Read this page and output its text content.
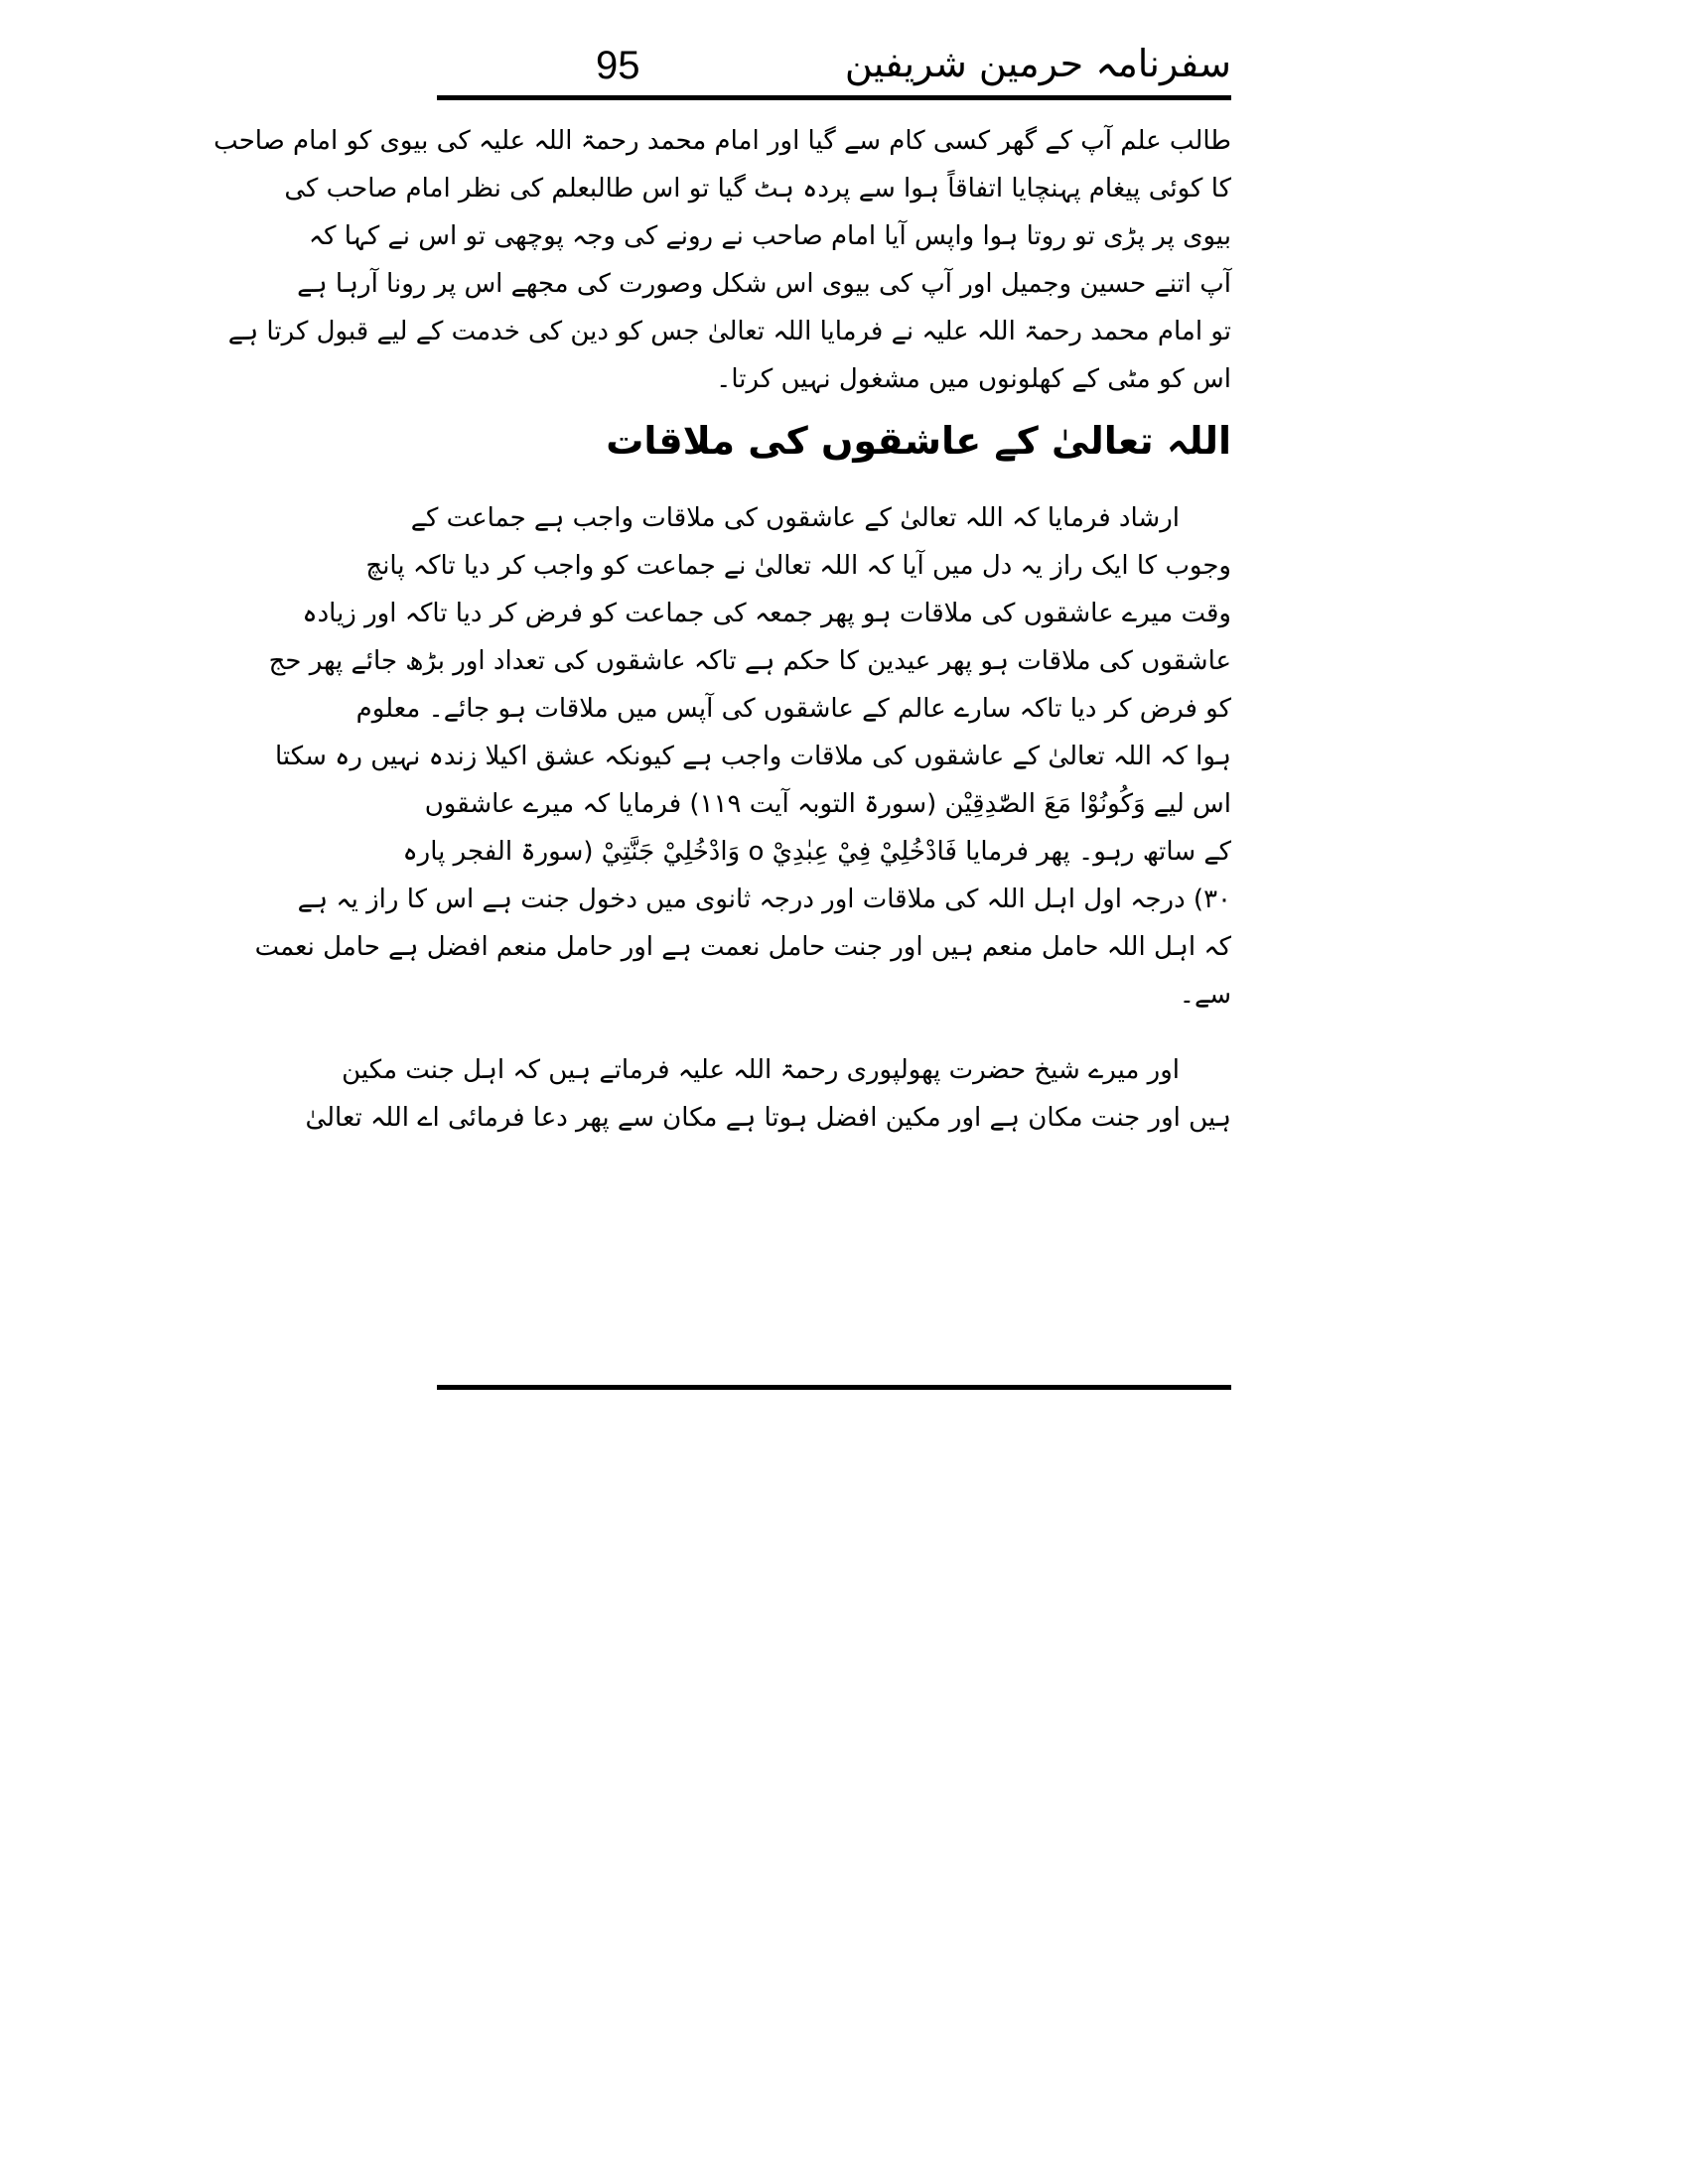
95	سفرنامہ حرمین شریفین
طالب علم آپ کے گھر کسی کام سے گیا اور امام محمد رحمۃ اللہ علیہ کی بیوی کو امام صاحب
کا کوئی پیغام پہنچایا اتفاقاً ہوا سے پردہ ہٹ گیا تو اس طالبعلم کی نظر امام صاحب کی
بیوی پر پڑی تو روتا ہوا واپس آیا امام صاحب نے رونے کی وجہ پوچھی تو اس نے کہا کہ
آپ اتنے حسین وجمیل اور آپ کی بیوی اس شکل وصورت کی مجھے اس پر رونا آرہا ہے
تو امام محمد رحمۃ اللہ علیہ نے فرمایا اللہ تعالیٰ جس کو دین کی خدمت کے لیے قبول کرتا ہے
اس کو مٹی کے کھلونوں میں مشغول نہیں کرتا۔
اللہ تعالیٰ کے عاشقوں کی ملاقات
ارشاد فرمایا کہ اللہ تعالیٰ کے عاشقوں کی ملاقات واجب ہے جماعت کے
وجوب کا ایک راز یہ دل میں آیا کہ اللہ تعالیٰ نے جماعت کو واجب کر دیا تاکہ پانچ
وقت میرے عاشقوں کی ملاقات ہو پھر جمعہ کی جماعت کو فرض کر دیا تاکہ اور زیادہ
عاشقوں کی ملاقات ہو پھر عیدین کا حکم ہے تاکہ عاشقوں کی تعداد اور بڑھ جائے پھر حج
کو فرض کر دیا تاکہ سارے عالم کے عاشقوں کی آپس میں ملاقات ہو جائے۔ معلوم
ہوا کہ اللہ تعالیٰ کے عاشقوں کی ملاقات واجب ہے کیونکہ عشق اکیلا زندہ نہیں رہ سکتا
اس لیے وَكُونُوْا مَعَ الصّٰدِقِيْن (سورۃ التوبہ آیت ۱۱۹) فرمایا کہ میرے عاشقوں
کے ساتھ رہو۔ پھر فرمایا فَادْخُلِيْ فِيْ عِبٰدِيْ o وَادْخُلِيْ جَنَّتِيْ (سورۃ الفجر پارہ
۳۰) درجہ اول اہل اللہ کی ملاقات اور درجہ ثانوی میں دخول جنت ہے اس کا راز یہ ہے
کہ اہل اللہ حامل منعم ہیں اور جنت حامل نعمت ہے اور حامل منعم افضل ہے حامل نعمت
سے۔
اور میرے شیخ حضرت پھولپوری رحمۃ اللہ علیہ فرماتے ہیں کہ اہل جنت مکین
ہیں اور جنت مکان ہے اور مکین افضل ہوتا ہے مکان سے پھر دعا فرمائی اے اللہ تعالیٰ
